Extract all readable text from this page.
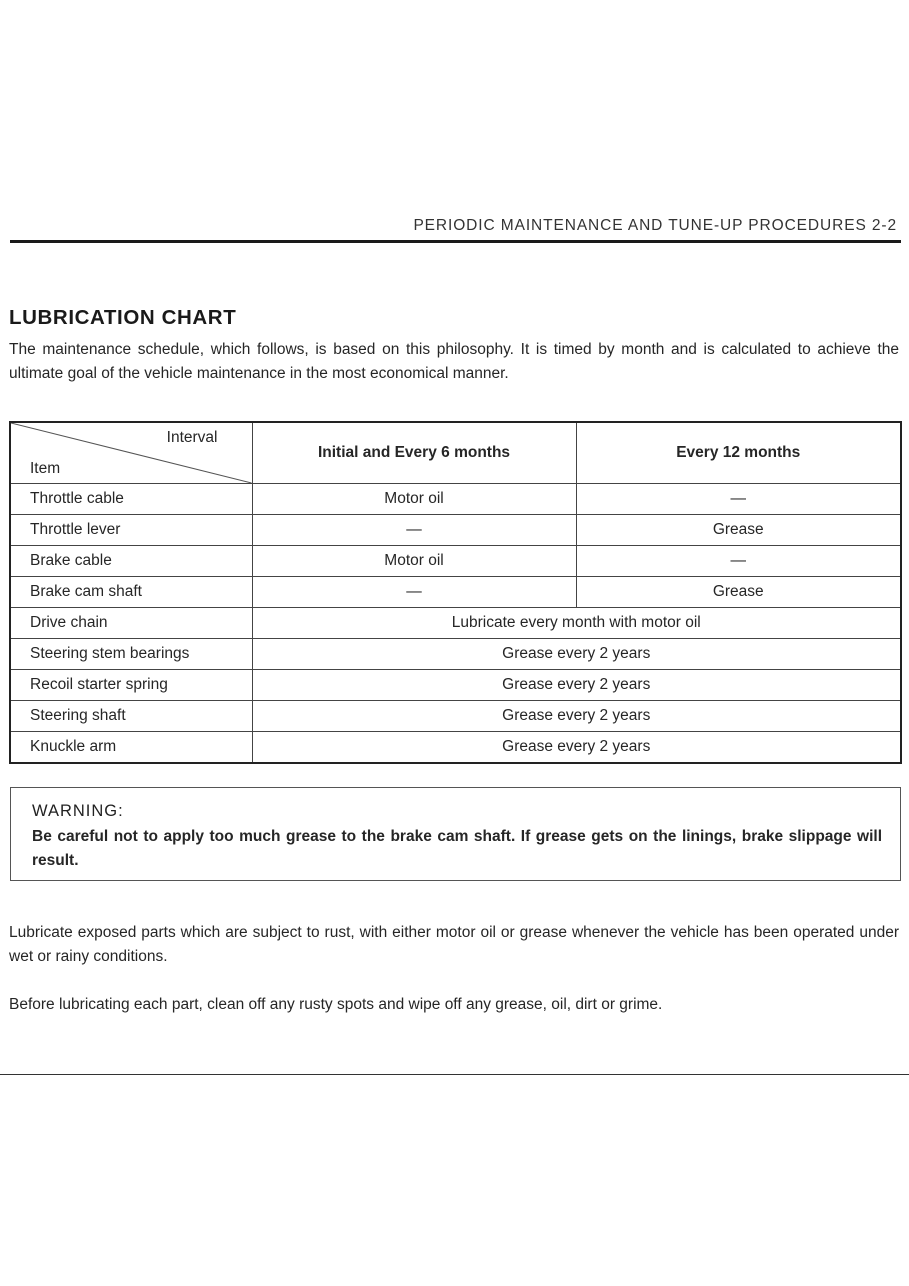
PERIODIC MAINTENANCE AND TUNE-UP PROCEDURES 2-2
LUBRICATION CHART
The maintenance schedule, which follows, is based on this philosophy. It is timed by month and is calculated to achieve the ultimate goal of the vehicle maintenance in the most economical manner.
Interval
Item	Initial and Every 6 months	Every 12 months
Throttle cable	Motor oil	—
Throttle lever	—	Grease
Brake cable	Motor oil	—
Brake cam shaft	—	Grease
Drive chain	Lubricate every month with motor oil	
Steering stem bearings	Grease every 2 years	
Recoil starter spring	Grease every 2 years	
Steering shaft	Grease every 2 years	
Knuckle arm	Grease every 2 years	
WARNING:
Be careful not to apply too much grease to the brake cam shaft. If grease gets on the linings, brake slippage will result.
Lubricate exposed parts which are subject to rust, with either motor oil or grease whenever the vehicle has been operated under wet or rainy conditions.
Before lubricating each part, clean off any rusty spots and wipe off any grease, oil, dirt or grime.
